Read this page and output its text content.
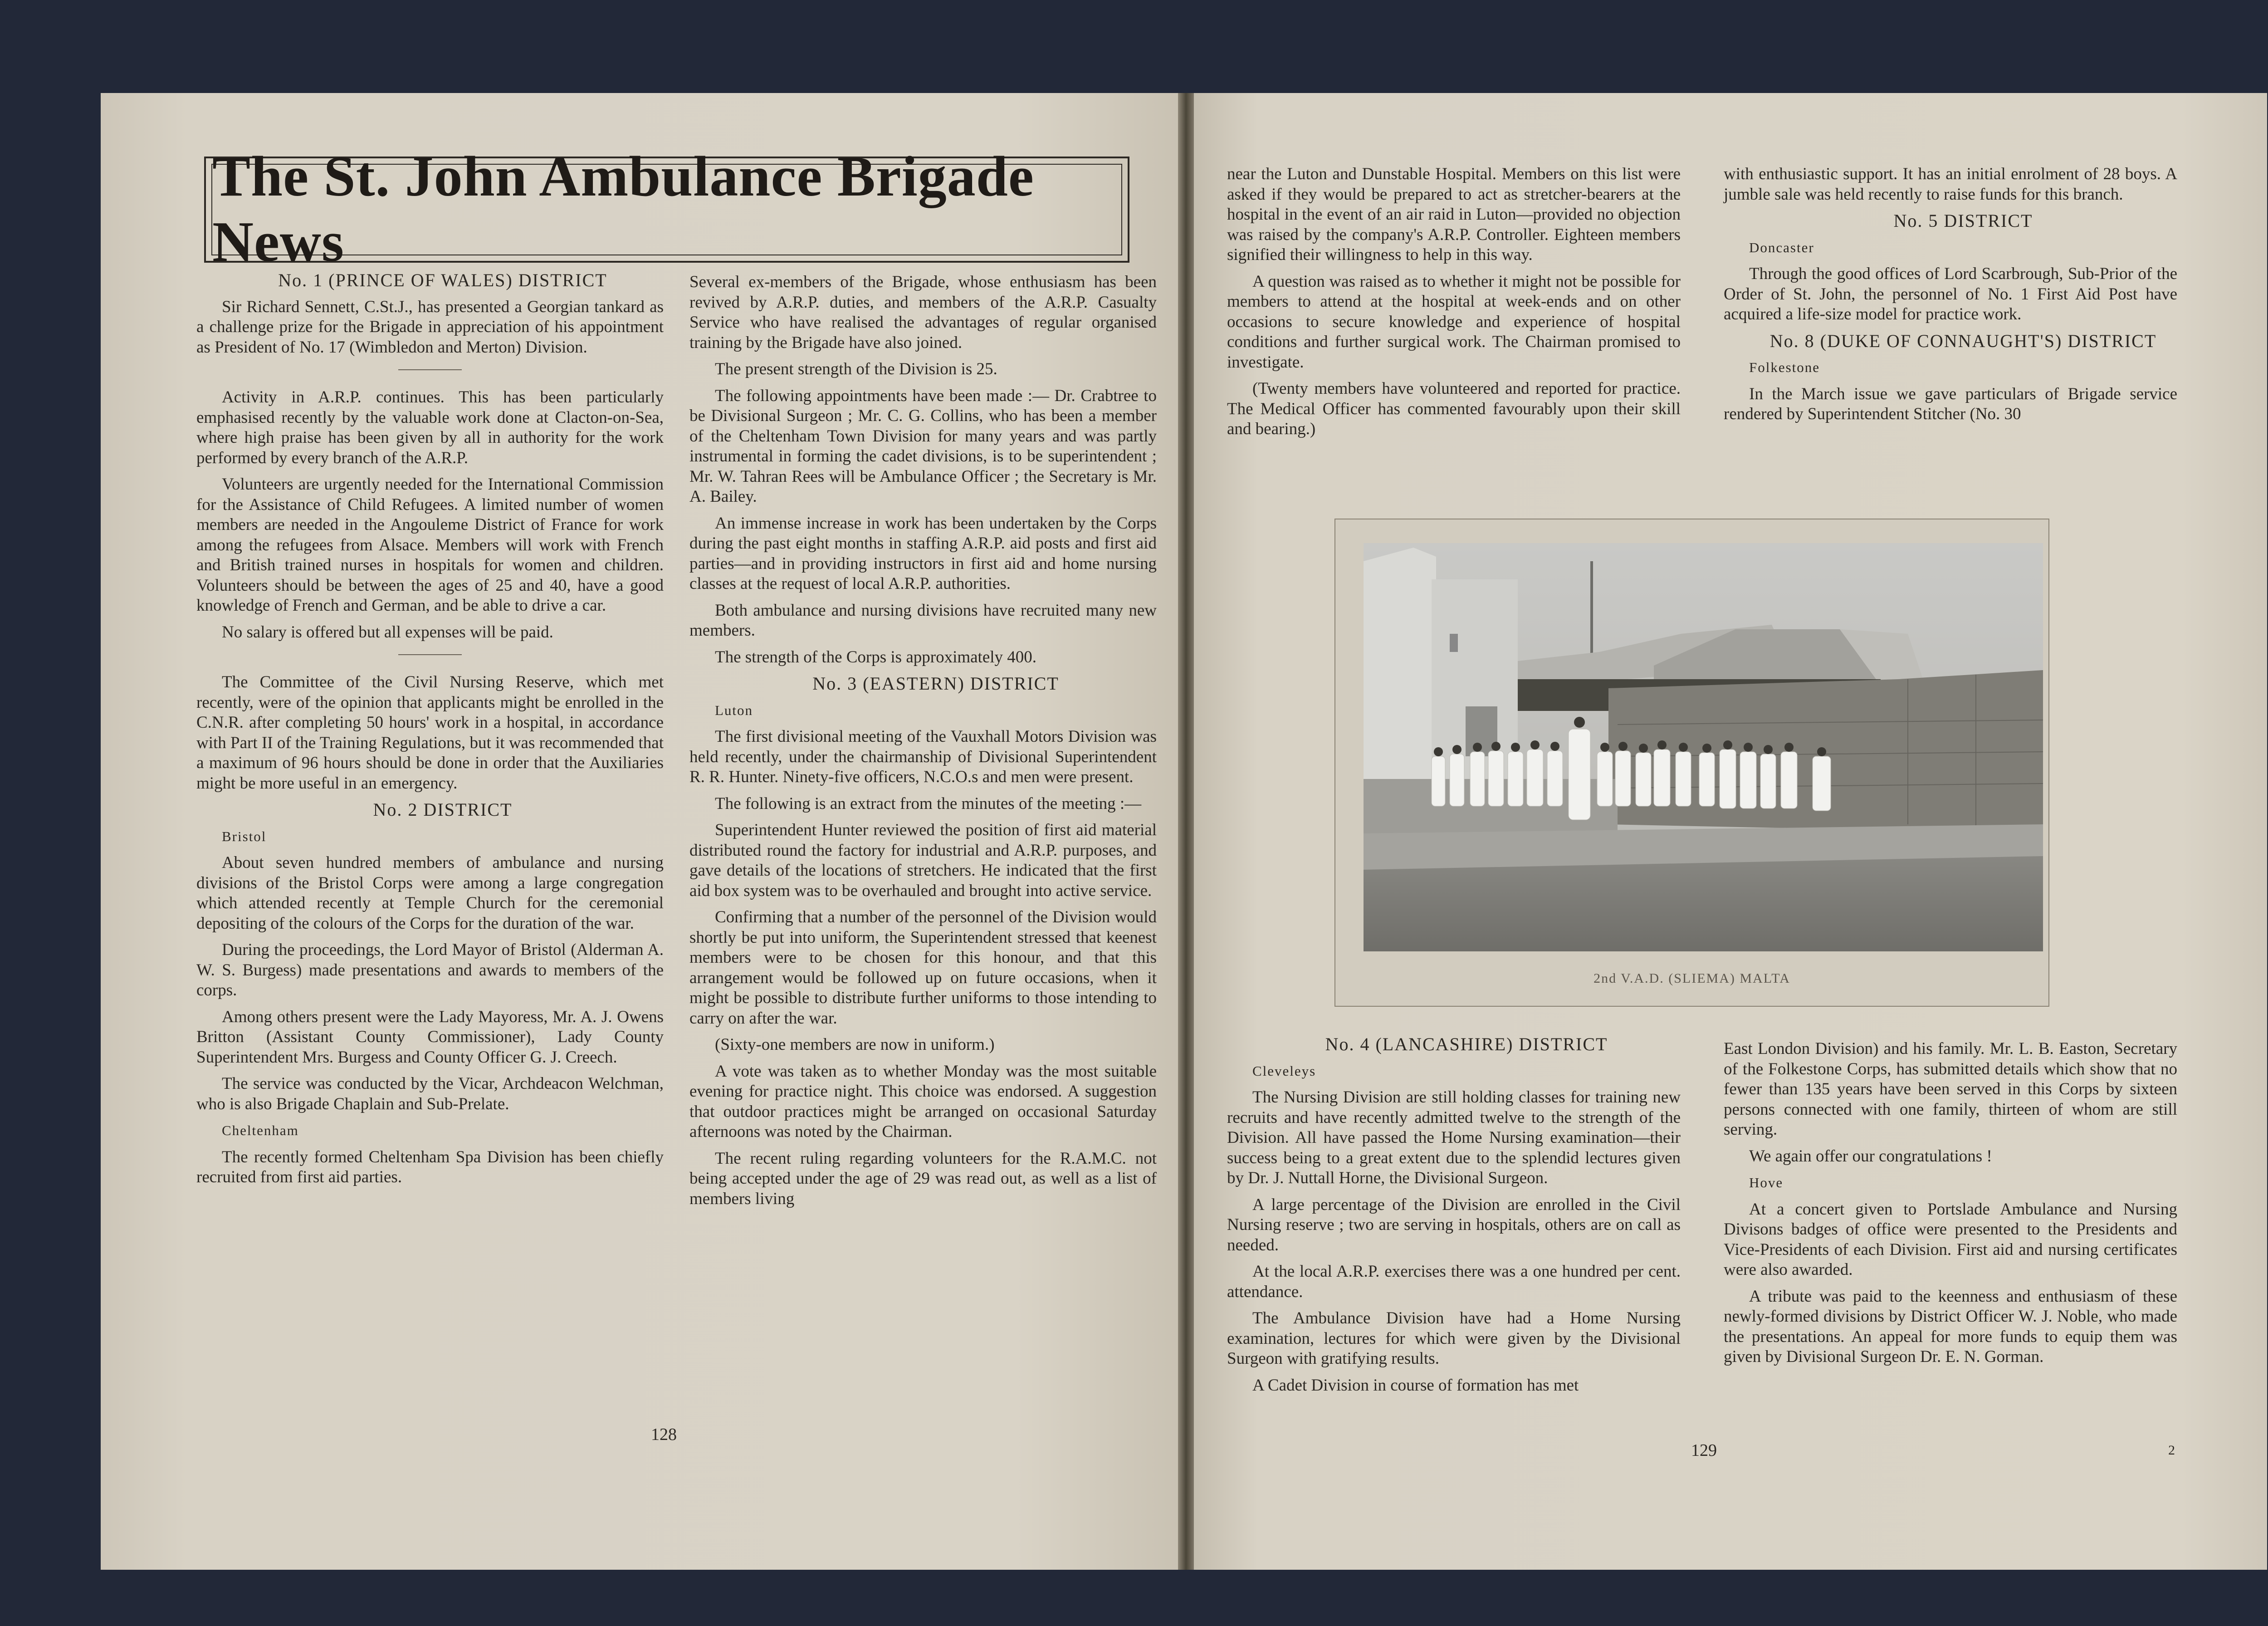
The St. John Ambulance Brigade News

No. 1 (PRINCE OF WALES) DISTRICT

Sir Richard Sennett, C.St.J., has presented a Georgian tankard as a challenge prize for the Brigade in appreciation of his appointment as President of No. 17 (Wimbledon and Merton) Division.

Activity in A.R.P. continues. This has been particularly emphasised recently by the valuable work done at Clacton-on-Sea, where high praise has been given by all in authority for the work performed by every branch of the A.R.P.

Volunteers are urgently needed for the International Commission for the Assistance of Child Refugees. A limited number of women members are needed in the Angouleme District of France for work among the refugees from Alsace. Members will work with French and British trained nurses in hospitals for women and children. Volunteers should be between the ages of 25 and 40, have a good knowledge of French and German, and be able to drive a car.

No salary is offered but all expenses will be paid.

The Committee of the Civil Nursing Reserve, which met recently, were of the opinion that applicants might be enrolled in the C.N.R. after completing 50 hours' work in a hospital, in accordance with Part II of the Training Regulations, but it was recommended that a maximum of 96 hours should be done in order that the Auxiliaries might be more useful in an emergency.

No. 2 DISTRICT

Bristol

About seven hundred members of ambulance and nursing divisions of the Bristol Corps were among a large congregation which attended recently at Temple Church for the ceremonial depositing of the colours of the Corps for the duration of the war.

During the proceedings, the Lord Mayor of Bristol (Alderman A. W. S. Burgess) made presentations and awards to members of the corps.

Among others present were the Lady Mayoress, Mr. A. J. Owens Britton (Assistant County Commissioner), Lady County Superintendent Mrs. Burgess and County Officer G. J. Creech.

The service was conducted by the Vicar, Archdeacon Welchman, who is also Brigade Chaplain and Sub-Prelate.

Cheltenham

The recently formed Cheltenham Spa Division has been chiefly recruited from first aid parties.

Several ex-members of the Brigade, whose enthusiasm has been revived by A.R.P. duties, and members of the A.R.P. Casualty Service who have realised the advantages of regular organised training by the Brigade have also joined.

The present strength of the Division is 25.

The following appointments have been made :— Dr. Crabtree to be Divisional Surgeon ; Mr. C. G. Collins, who has been a member of the Cheltenham Town Division for many years and was partly instrumental in forming the cadet divisions, is to be superintendent ; Mr. W. Tahran Rees will be Ambulance Officer ; the Secretary is Mr. A. Bailey.

An immense increase in work has been undertaken by the Corps during the past eight months in staffing A.R.P. aid posts and first aid parties—and in providing instructors in first aid and home nursing classes at the request of local A.R.P. authorities.

Both ambulance and nursing divisions have recruited many new members.

The strength of the Corps is approximately 400.

No. 3 (EASTERN) DISTRICT

Luton

The first divisional meeting of the Vauxhall Motors Division was held recently, under the chairmanship of Divisional Superintendent R. R. Hunter. Ninety-five officers, N.C.O.s and men were present.

The following is an extract from the minutes of the meeting :—

Superintendent Hunter reviewed the position of first aid material distributed round the factory for industrial and A.R.P. purposes, and gave details of the locations of stretchers. He indicated that the first aid box system was to be overhauled and brought into active service.

Confirming that a number of the personnel of the Division would shortly be put into uniform, the Superintendent stressed that keenest members were to be chosen for this honour, and that this arrangement would be followed up on future occasions, when it might be possible to distribute further uniforms to those intending to carry on after the war.

(Sixty-one members are now in uniform.)

A vote was taken as to whether Monday was the most suitable evening for practice night. This choice was endorsed. A suggestion that outdoor practices might be arranged on occasional Saturday afternoons was noted by the Chairman.

The recent ruling regarding volunteers for the R.A.M.C. not being accepted under the age of 29 was read out, as well as a list of members living

128

near the Luton and Dunstable Hospital. Members on this list were asked if they would be prepared to act as stretcher-bearers at the hospital in the event of an air raid in Luton—provided no objection was raised by the company's A.R.P. Controller. Eighteen members signified their willingness to help in this way.

A question was raised as to whether it might not be possible for members to attend at the hospital at week-ends and on other occasions to secure knowledge and experience of hospital conditions and further surgical work. The Chairman promised to investigate.

(Twenty members have volunteered and reported for practice. The Medical Officer has commented favourably upon their skill and bearing.)

with enthusiastic support. It has an initial enrolment of 28 boys. A jumble sale was held recently to raise funds for this branch.

No. 5 DISTRICT

Doncaster

Through the good offices of Lord Scarbrough, Sub-Prior of the Order of St. John, the personnel of No. 1 First Aid Post have acquired a life-size model for practice work.

No. 8 (DUKE OF CONNAUGHT'S) DISTRICT

Folkestone

In the March issue we gave particulars of Brigade service rendered by Superintendent Stitcher (No. 30

2nd V.A.D. (SLIEMA) MALTA

No. 4 (LANCASHIRE) DISTRICT

Cleveleys

The Nursing Division are still holding classes for training new recruits and have recently admitted twelve to the strength of the Division. All have passed the Home Nursing examination—their success being to a great extent due to the splendid lectures given by Dr. J. Nuttall Horne, the Divisional Surgeon.

A large percentage of the Division are enrolled in the Civil Nursing reserve ; two are serving in hospitals, others are on call as needed.

At the local A.R.P. exercises there was a one hundred per cent. attendance.

The Ambulance Division have had a Home Nursing examination, lectures for which were given by the Divisional Surgeon with gratifying results.

A Cadet Division in course of formation has met

East London Division) and his family. Mr. L. B. Easton, Secretary of the Folkestone Corps, has submitted details which show that no fewer than 135 years have been served in this Corps by sixteen persons connected with one family, thirteen of whom are still serving.

We again offer our congratulations !

Hove

At a concert given to Portslade Ambulance and Nursing Divisons badges of office were presented to the Presidents and Vice-Presidents of each Division. First aid and nursing certificates were also awarded.

A tribute was paid to the keenness and enthusiasm of these newly-formed divisions by District Officer W. J. Noble, who made the presentations. An appeal for more funds to equip them was given by Divisional Surgeon Dr. E. N. Gorman.

129	2
